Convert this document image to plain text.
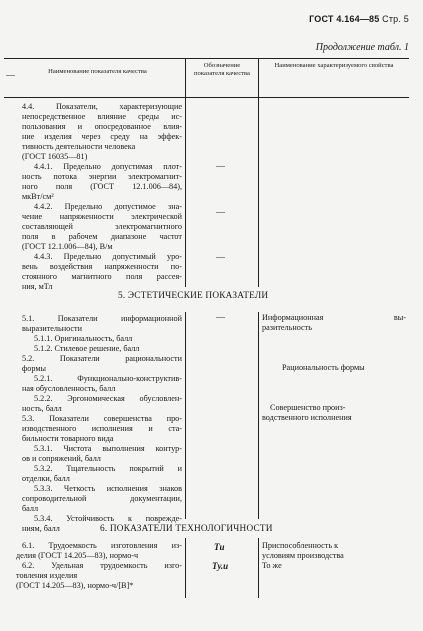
ГОСТ 4.164—85 Стр. 5
Продолжение табл. 1
—	Наименование показателя качества
Обозначение показателя качества
Наименование характеризуемого свойства
4.4. Показатели, характеризующие
непосредственное влияние среды ис-
пользования и опосредованное влия-
ние изделия через среду на эффек-
тивность деятельности человека
(ГОСТ 16035—81)
4.4.1. Предельно допустимая плот-
ность потока энергии электромагнит-
ного поля (ГОСТ 12.1.006—84),
мкВт/см²
4.4.2. Предельно допустимое зна-
чение напряженности электрической
составляющей электромагнитного
поля в рабочем диапазоне частот
(ГОСТ 12.1.006—84), В/м
4.4.3. Предельно допустимый уро-
вень воздействия напряженности по-
стоянного магнитного поля рассея-
ния, мТл
—
—
—
5. ЭСТЕТИЧЕСКИЕ ПОКАЗАТЕЛИ
5.1. Показатели информационной
выразительности
5.1.1. Оригинальность, балл
5.1.2. Стилевое решение, балл
5.2. Показатели рациональности
формы
5.2.1. Функционально-конструктив-
ная обусловленность, балл
5.2.2. Эргономическая обусловлен-
ность, балл
5.3. Показатели совершенства про-
изводственного исполнения и ста-
бильности товарного вида
5.3.1. Чистота выполнения контур-
ов и сопряжений, балл
5.3.2. Тщательность покрытий и
отделки, балл
5.3.3. Четкость исполнения знаков
сопроводительной документации,
балл
5.3.4. Устойчивость к поврежде-
ниям, балл
—	Информационная вы-
разительность
Рациональность формы
Совершенство произ-
водственного исполнения
6. ПОКАЗАТЕЛИ ТЕХНОЛОГИЧНОСТИ
6.1. Трудоемкость изготовления из-
делия (ГОСТ 14.205—83), нормо-ч
6.2. Удельная трудоемкость изго-
товления изделия
(ГОСТ 14.205—83), нормо-ч/[B]*
Tи
Tу.и
Приспособленность к
условиям производства
То же
